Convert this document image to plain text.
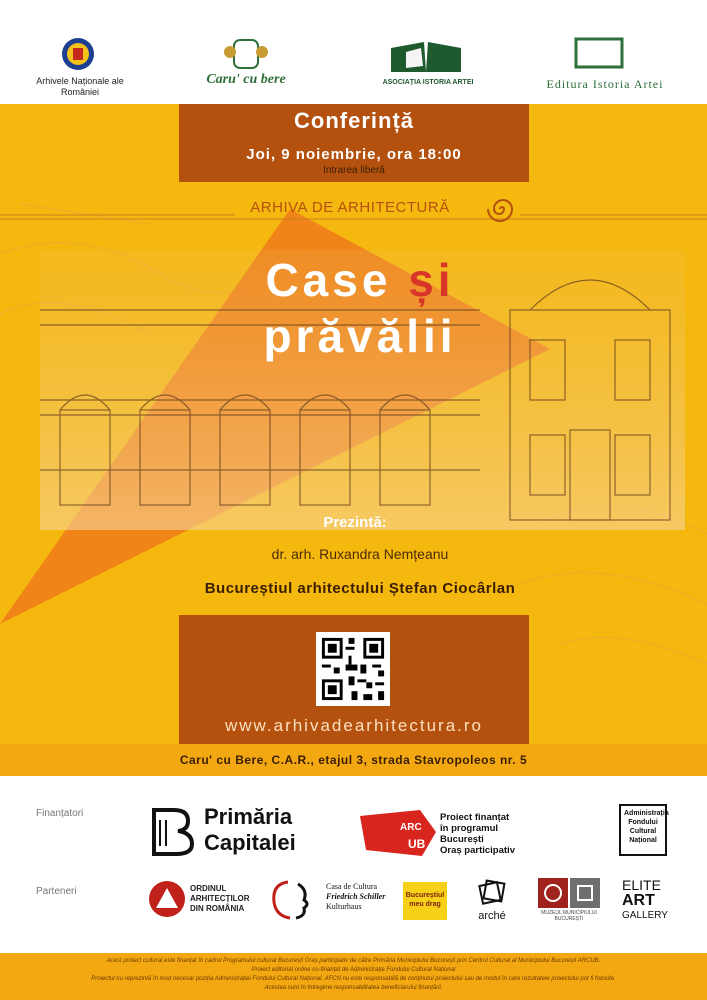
Arhivele Naționale ale României
Caru' cu bere	ASOCIAȚIA ISTORIA ARTEI	Editura Istoria Artei
Conferință
Joi, 9 noiembrie, ora 18:00
Intrarea liberă
ARHIVA DE ARHITECTURĂ
Case și
prăvălii
Prezintă:
dr. arh. Ruxandra Nemțeanu
Bucureștiul arhitectului Ștefan Ciocârlan
www.arhivadearhitectura.ro
Caru' cu Bere, C.A.R., etajul 3, strada Stavropoleos nr. 5
Finanțatori
Parteneri
Primăria
Capitalei
ARC
UB
Proiect finanțat
în programul
București
Oraș participativ
Administrația Fondului Cultural Național
ORDINUL ARHITECȚILOR DIN ROMÂNIA
Casa de Cultura
Friedrich Schiller
Kulturhaus
Bucureștiul meu drag
arché	MUZEUL MUNICIPIULUI BUCUREȘTI
ELITE
ART
GALLERY
Acest proiect cultural este finanțat în cadrul Programului cultural București Oraș participativ de către Primăria Municipiului București prin Centrul Cultural al Municipiului București ARCUB.
Proiect editorial online co-finanțat de Administrația Fondului Cultural Național
Proiectul nu reprezintă în mod necesar poziția Administrației Fondului Cultural Național. AFCN nu este responsabilă de conținutul proiectului sau de modul în care rezultatele proiectului pot fi folosite.
Acestea sunt în întregime responsabilitatea beneficiarului finanțării.
